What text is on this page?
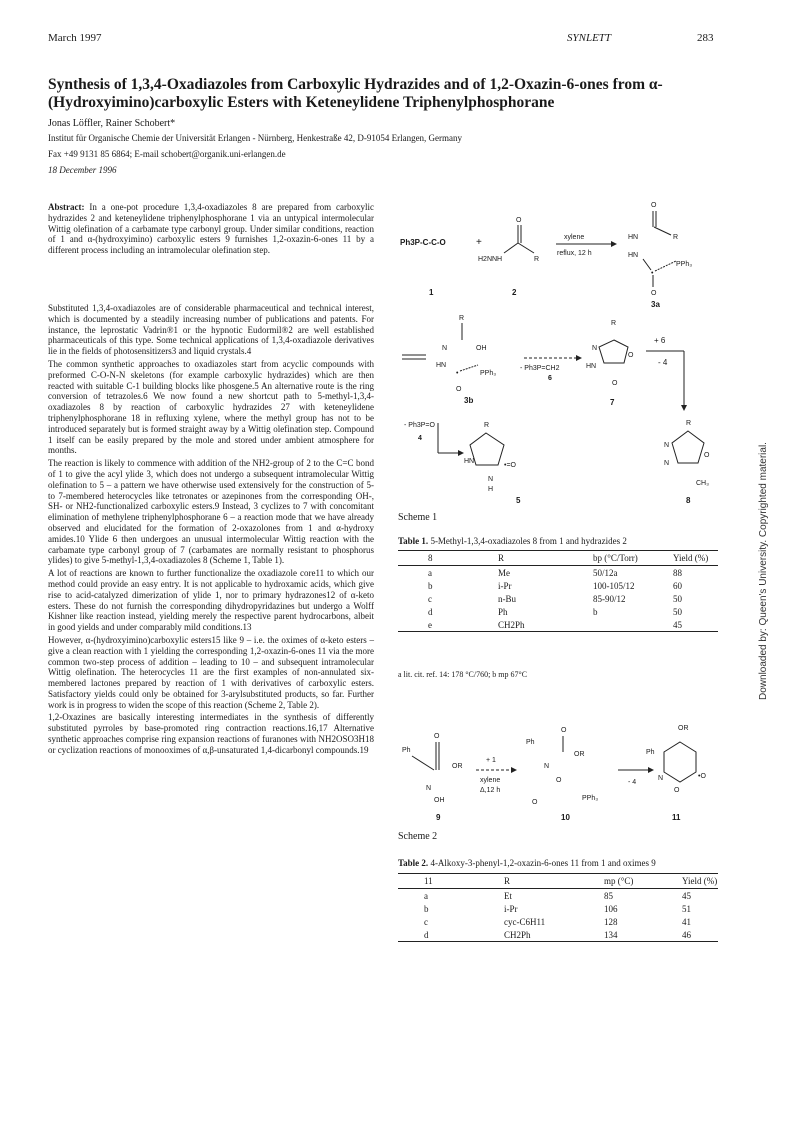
March 1997	SYNLETT	283
Synthesis of 1,3,4-Oxadiazoles from Carboxylic Hydrazides and of 1,2-Oxazin-6-ones from α-(Hydroxyimino)carboxylic Esters with Keteneylidene Triphenylphosphorane
Jonas Löffler, Rainer Schobert*
Institut für Organische Chemie der Universität Erlangen - Nürnberg, Henkestraße 42, D-91054 Erlangen, Germany
Fax +49 9131 85 6864; E-mail schobert@organik.uni-erlangen.de
18 December 1996

Abstract: In a one-pot procedure 1,3,4-oxadiazoles 8 are prepared from carboxylic hydrazides 2 and keteneylidene triphenylphosphorane 1 via an untypical intermolecular Wittig olefination of a carbamate type carbonyl group. Under similar conditions, reaction of 1 and α-(hydroxyimino) carboxylic esters 9 furnishes 1,2-oxazin-6-ones 11 by a different process including an intramolecular olefination step.

Substituted 1,3,4-oxadiazoles are of considerable pharmaceutical and technical interest, which is documented by a steadily increasing number of publications and patents. For instance, the leprostatic Vadrin®1 or the hypnotic Eudormil®2 are well established pharmaceuticals of this type. Some technical applications of 1,3,4-oxadiazole derivatives lie in the fields of photosensitizers3 and liquid crystals.4

The common synthetic approaches to oxadiazoles start from acyclic compounds with preformed C-O-N-N skeletons (for example carboxylic hydrazides) which are then reacted with suitable C-1 building blocks like phosgene.5 An alternative route is the ring conversion of tetrazoles.6 We now found a new shortcut path to 5-methyl-1,3,4-oxadiazoles 8 by reaction of carboxylic hydrazides 27 with keteneylidene triphenylphosphorane 18 in refluxing xylene, where the methyl group has not to be introduced separately but is formed straight away by a Wittig olefination step. Compound 1 itself can be easily prepared by the mole and stored under ambient atmosphere for months.

The reaction is likely to commence with addition of the NH2-group of 2 to the C=C bond of 1 to give the acyl ylide 3, which does not undergo a subsequent intramolecular Wittig olefination to 5 – a pattern we have otherwise used extensively for the construction of 5- to 7-membered heterocycles like tetronates or azepinones from the corresponding OH-, SH- or NH2-functionalized carboxylic esters.9 Instead, 3 cyclizes to 7 with concomitant elimination of methylene triphenylphosphorane 6 – a reaction mode that we have already observed and elucidated for the formation of 2-oxazolones from 1 and α-hydroxy amides.10 Ylide 6 then undergoes an unusual intermolecular Wittig reaction with the carbamate type carbonyl group of 7 (carbamates are normally resistant to phosphorus ylides) to give 5-methyl-1,3,4-oxadiazoles 8 (Scheme 1, Table 1).

A lot of reactions are known to further functionalize the oxadiazole core11 to which our method could provide an easy entry. It is not applicable to hydroxamic acids, which give rise to acid-catalyzed dimerization of ylide 1, nor to primary hydrazones12 of α-keto esters. These do not furnish the corresponding dihydropyridazines but undergo a Wolff Kishner like reaction instead, yielding merely the respective parent hydrocarbons, albeit in good yields and under comparably mild conditions.13

However, α-(hydroxyimino)carboxylic esters15 like 9 – i.e. the oximes of α-keto esters – give a clean reaction with 1 yielding the corresponding 1,2-oxazin-6-ones 11 via the more common two-step process of addition – leading to 10 – and subsequent intramolecular Wittig olefination. The heterocycles 11 are the first examples of non-annulated six-membered lactones prepared by reaction of 1 with derivatives of carboxylic esters. Satisfactory yields could only be obtained for 3-arylsubstituted products, so far. Further work is in progress to widen the scope of this reaction (Scheme 2, Table 2).

1,2-Oxazines are basically interesting intermediates in the synthesis of differently substituted pyrroles by base-promoted ring contraction reactions.16,17 Alternative synthetic approaches comprise ring expansion reactions of furanones with NH2OSO3H18 or cyclization reactions of monooximes of α,β-unsaturated 1,4-dicarbonyl compounds.19

Ph3P-C-C-O	+
O
H2NNH	R
xylene
reflux, 12 h
O
HN	R
HN
•
PPh₃
O
1	2
3a
R
N	OH
HN
•	PPh₃
O
3b
- Ph3P=CH2
6
R
N
O
HN
O
7
+ 6
- 4
- Ph3P=O
4
R
HN
•=O
N
H
5
R
N
N
O
CH₃
8
Scheme 1
Table 1. 5-Methyl-1,3,4-oxadiazoles 8 from 1 and hydrazides 2
8	R	bp (°C/Torr)	Yield (%)
a	Me	50/12a	88
b	i-Pr	100-105/12	60
c	n-Bu	85-90/12	50
d	Ph	b	50
e	CH2Ph		45
a lit. cit. ref. 14: 178 °C/760; b mp 67°C
Ph
O
OR
N
OH
9
+ 1
xylene
Δ,12 h
Ph
O
OR
N
O
O
PPh₃
10
- 4
OR
Ph
N
O
•O
11
Scheme 2
Table 2. 4-Alkoxy-3-phenyl-1,2-oxazin-6-ones 11 from 1 and oximes 9
11	R	mp (°C)	Yield (%)
a	Et	85	45
b	i-Pr	106	51
c	cyc-C6H11	128	41
d	CH2Ph	134	46
Downloaded by: Queen's University. Copyrighted material.
